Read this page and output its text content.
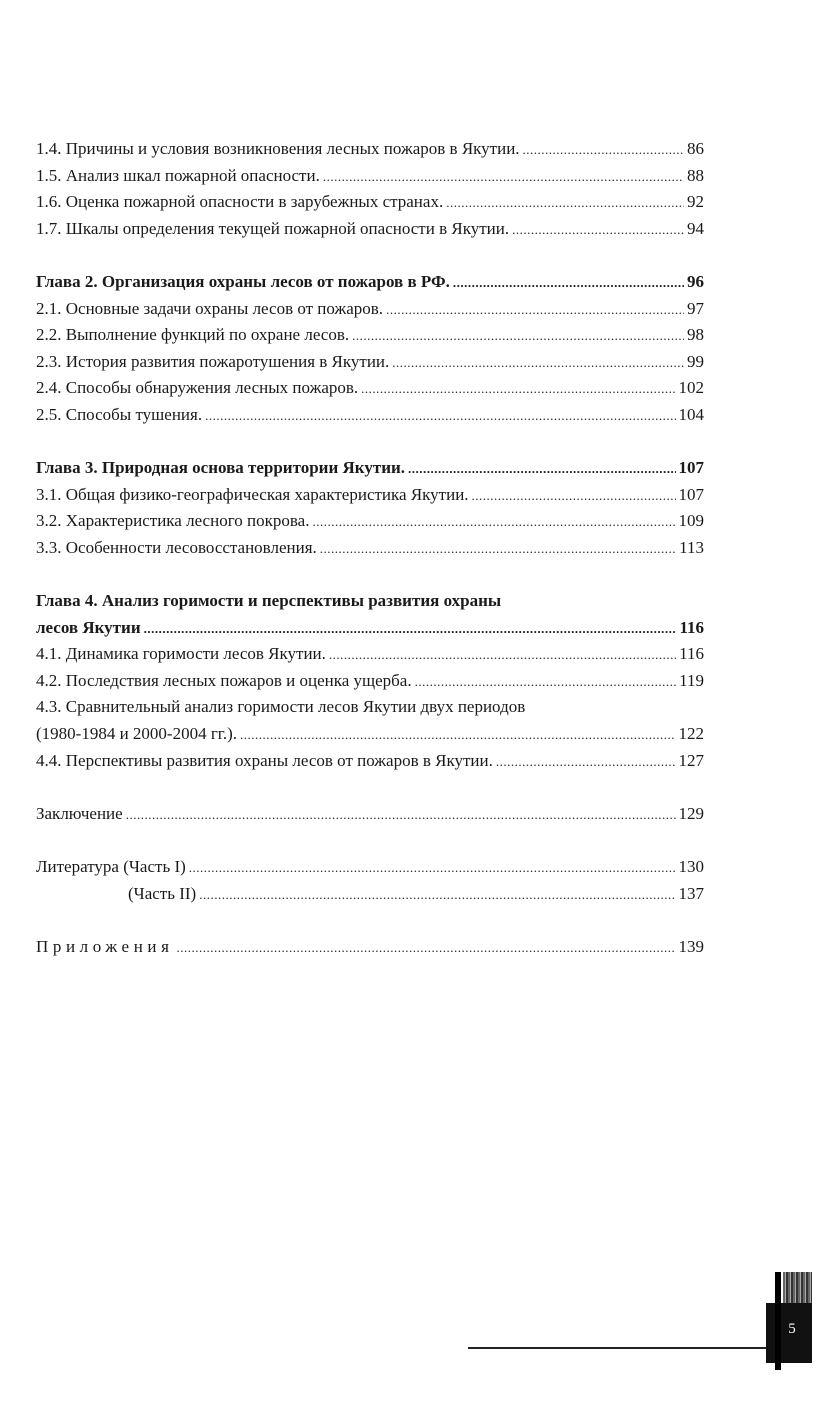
1.4. Причины и условия возникновения лесных пожаров в Якутии. .....	86
1.5. Анализ шкал пожарной опасности. .....	88
1.6. Оценка пожарной опасности в зарубежных странах. .....	92
1.7. Шкалы определения текущей пожарной опасности в Якутии. .....	94
Глава 2. Организация охраны лесов от пожаров в РФ. .....	96
2.1. Основные задачи охраны лесов от пожаров. .....	97
2.2. Выполнение функций по охране лесов. .....	98
2.3. История развития пожаротушения в Якутии. .....	99
2.4. Способы обнаружения лесных пожаров. .....	102
2.5. Способы тушения. .....	104
Глава 3. Природная основа территории Якутии. .....	107
3.1. Общая физико-географическая характеристика Якутии. .....	107
3.2. Характеристика лесного покрова. .....	109
3.3. Особенности лесовосстановления. .....	113
Глава 4. Анализ горимости и перспективы развития охраны
лесов Якутии .....	116
4.1. Динамика горимости лесов Якутии. .....	116
4.2. Последствия лесных пожаров и оценка ущерба. .....	119
4.3. Сравнительный анализ горимости лесов Якутии двух периодов
(1980-1984 и 2000-2004 гг.). .....	122
4.4. Перспективы развития охраны лесов от пожаров в Якутии. .....	127
Заключение .....	129
Литература (Часть I) .....	130
(Часть II) .....	137
Приложения .....	139
5
